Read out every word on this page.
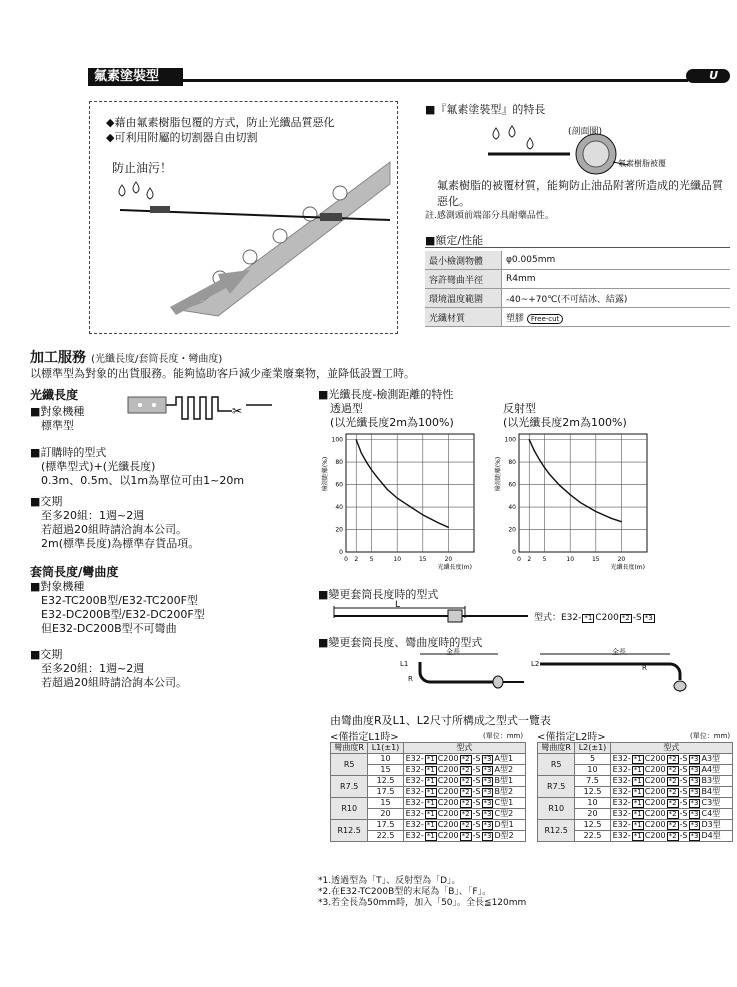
氟素塗裝型	U
◆藉由氟素樹脂包覆的方式，防止光纖品質惡化
◆可利用附屬的切割器自由切割
防止油污！
■『氟素塗裝型』的特長
(剖面圖)
氟素樹脂被覆
氟素樹脂的被覆材質，能夠防止油品附著所造成的光纖品質惡化。
註.感測頭前端部分具耐藥品性。
■額定/性能
最小檢測物體	φ0.005mm
容許彎曲半徑	R4mm
環境溫度範圍	-40~+70℃(不可結冰、結露)
光纖材質	塑膠 Free-cut
加工服務 (光纖長度/套筒長度・彎曲度)
以標準型為對象的出貨服務。能夠協助客戶減少產業廢棄物，並降低設置工時。
光纖長度
■對象機種
標準型
✂
■訂購時的型式
(標準型式)+(光纖長度)
0.3m、0.5m、以1m為單位可由1~20m
■交期
至多20組：1週~2週
若超過20組時請洽詢本公司。
2m(標準長度)為標準存貨品項。
套筒長度/彎曲度
■對象機種
E32-TC200B型/E32-TC200F型
E32-DC200B型/E32-DC200F型
但E32-DC200B型不可彎曲
■交期
至多20組：1週~2週
若超過20組時請洽詢本公司。
■光纖長度-檢測距離的特性
透過型
(以光纖長度2m為100%)
反射型
(以光纖長度2m為100%)
0 2 5	10	15	20
100
80
60
40
20
0
光纖長度(m)
檢測距離(%)
0 2 5	10	15	20
100
80
60
40
20
0
光纖長度(m)
檢測距離(%)
■變更套筒長度時的型式
L
型式：E32- *1 C200 *2 -S *3
■變更套筒長度、彎曲度時的型式
全長	全長
L1	L2
R
R
由彎曲度R及L1、L2尺寸所構成之型式一覽表
<僅指定L1時>	(單位：mm) <僅指定L2時>	(單位：mm)
彎曲度R	L1(±1)	型式
R5	10	E32- *1 C200 *2 -S *3 A型1
	15	E32- *1 C200 *2 -S *3 A型2
R7.5	12.5	E32- *1 C200 *2 -S *3 B型1
	17.5	E32- *1 C200 *2 -S *3 B型2
R10	15	E32- *1 C200 *2 -S *3 C型1
	20	E32- *1 C200 *2 -S *3 C型2
R12.5	17.5	E32- *1 C200 *2 -S *3 D型1
	22.5	E32- *1 C200 *2 -S *3 D型2
彎曲度R	L2(±1)	型式
R5	5	E32- *1 C200 *2 -S *3 A3型
	10	E32- *1 C200 *2 -S *3 A4型
R7.5	7.5	E32- *1 C200 *2 -S *3 B3型
	12.5	E32- *1 C200 *2 -S *3 B4型
R10	10	E32- *1 C200 *2 -S *3 C3型
	20	E32- *1 C200 *2 -S *3 C4型
R12.5	12.5	E32- *1 C200 *2 -S *3 D3型
	22.5	E32- *1 C200 *2 -S *3 D4型
*1.透過型為「T」、反射型為「D」。
*2.在E32-TC200B型的末尾為「B」、「F」。
*3.若全長為50mm時，加入「50」。全長≦120mm
